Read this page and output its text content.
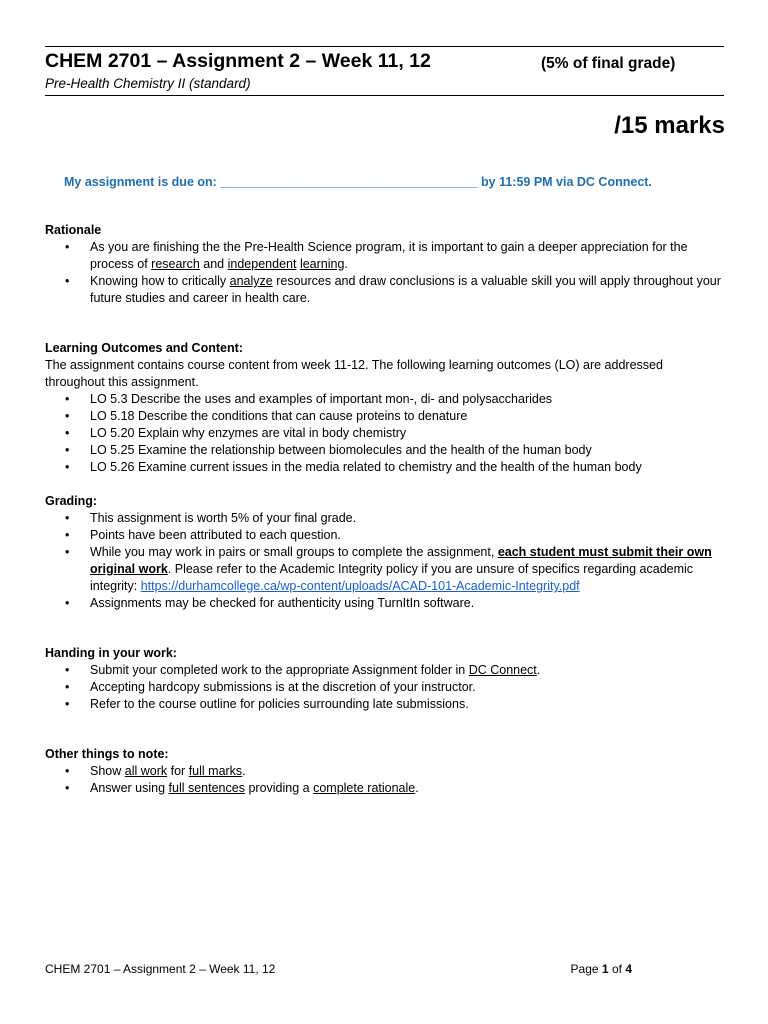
CHEM 2701 – Assignment 2 – Week 11, 12	(5% of final grade)
Pre-Health Chemistry II (standard)
/15 marks
My assignment is due on: _____________________________________ by 11:59 PM via DC Connect.

Rationale

• As you are finishing the the Pre-Health Science program, it is important to gain a deeper appreciation for the process of research and independent learning.
• Knowing how to critically analyze resources and draw conclusions is a valuable skill you will apply throughout your future studies and career in health care.

Learning Outcomes and Content:

The assignment contains course content from week 11-12. The following learning outcomes (LO) are addressed throughout this assignment.

• LO 5.3 Describe the uses and examples of important mon-, di- and polysaccharides
• LO 5.18 Describe the conditions that can cause proteins to denature
• LO 5.20 Explain why enzymes are vital in body chemistry
• LO 5.25 Examine the relationship between biomolecules and the health of the human body
• LO 5.26 Examine current issues in the media related to chemistry and the health of the human body

Grading:

• This assignment is worth 5% of your final grade.
• Points have been attributed to each question.
• While you may work in pairs or small groups to complete the assignment, each student must submit their own original work. Please refer to the Academic Integrity policy if you are unsure of specifics regarding academic integrity: https://durhamcollege.ca/wp-content/uploads/ACAD-101-Academic-Integrity.pdf
• Assignments may be checked for authenticity using TurnItIn software.

Handing in your work:

• Submit your completed work to the appropriate Assignment folder in DC Connect.
• Accepting hardcopy submissions is at the discretion of your instructor.
• Refer to the course outline for policies surrounding late submissions.

Other things to note:

• Show all work for full marks.
• Answer using full sentences providing a complete rationale.
CHEM 2701 – Assignment 2 – Week 11, 12	Page 1 of 4
